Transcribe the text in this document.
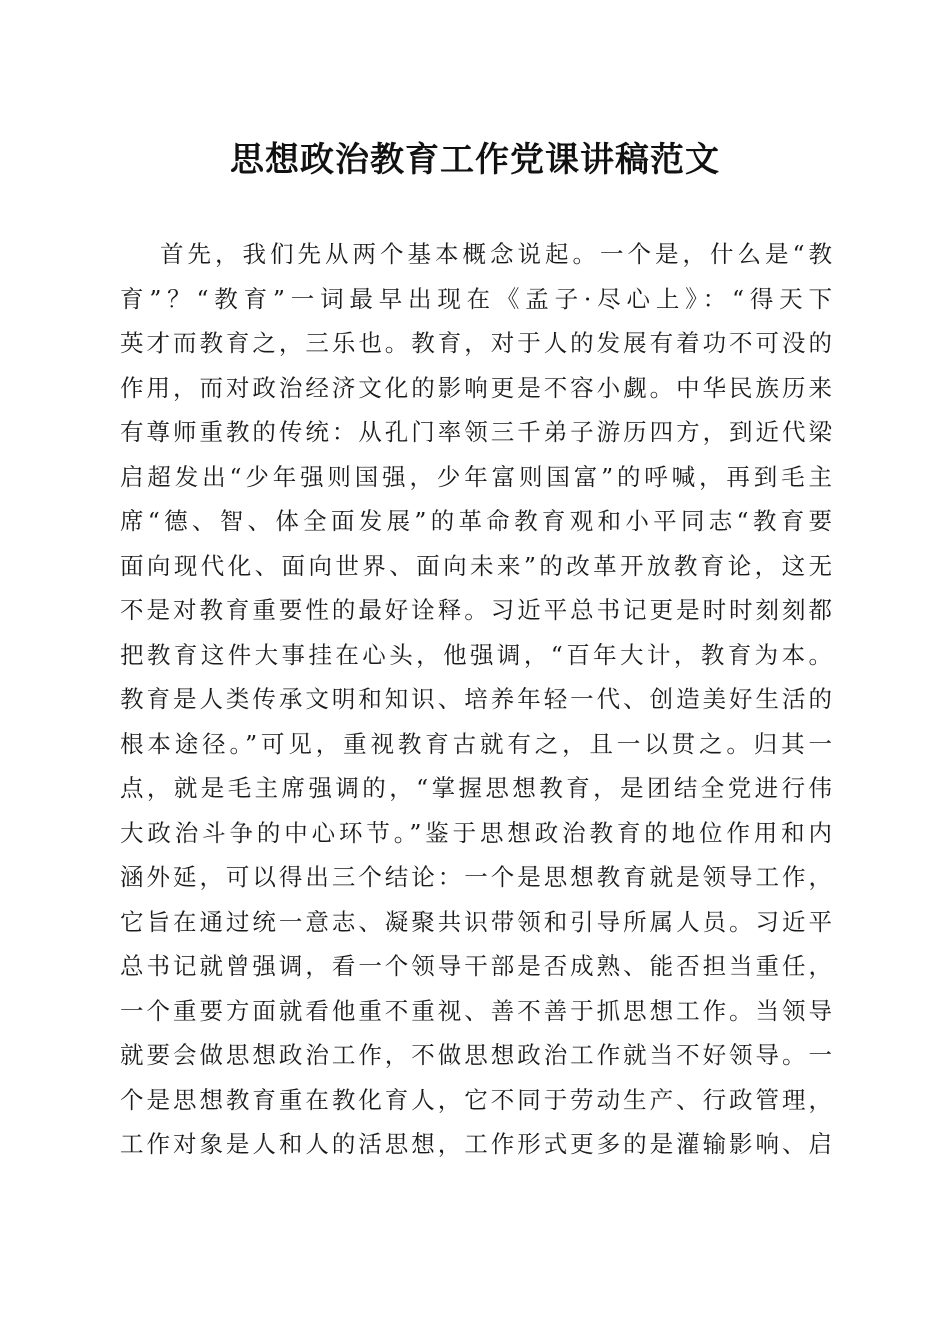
思想政治教育工作党课讲稿范文
首先，我们先从两个基本概念说起。一个是，什么是“教
育”？“教育”一词最早出现在《孟子·尽心上》：“得天下
英才而教育之，三乐也。教育，对于人的发展有着功不可没的
作用，而对政治经济文化的影响更是不容小觑。中华民族历来
有尊师重教的传统：从孔门率领三千弟子游历四方，到近代梁
启超发出“少年强则国强，少年富则国富”的呼喊，再到毛主
席“德、智、体全面发展”的革命教育观和小平同志“教育要
面向现代化、面向世界、面向未来”的改革开放教育论，这无
不是对教育重要性的最好诠释。习近平总书记更是时时刻刻都
把教育这件大事挂在心头，他强调，“百年大计，教育为本。
教育是人类传承文明和知识、培养年轻一代、创造美好生活的
根本途径。”可见，重视教育古就有之，且一以贯之。归其一
点，就是毛主席强调的，“掌握思想教育，是团结全党进行伟
大政治斗争的中心环节。”鉴于思想政治教育的地位作用和内
涵外延，可以得出三个结论：一个是思想教育就是领导工作，
它旨在通过统一意志、凝聚共识带领和引导所属人员。习近平
总书记就曾强调，看一个领导干部是否成熟、能否担当重任，
一个重要方面就看他重不重视、善不善于抓思想工作。当领导
就要会做思想政治工作，不做思想政治工作就当不好领导。一
个是思想教育重在教化育人，它不同于劳动生产、行政管理，
工作对象是人和人的活思想，工作形式更多的是灌输影响、启
